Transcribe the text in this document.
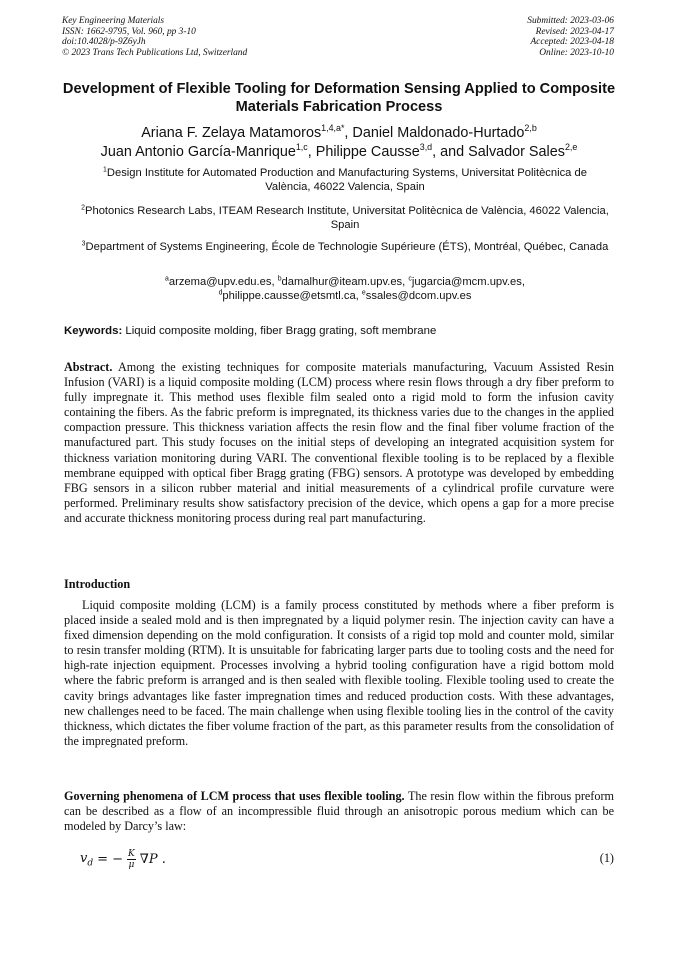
Key Engineering Materials
ISSN: 1662-9795, Vol. 960, pp 3-10
doi:10.4028/p-9Z6yJh
© 2023 Trans Tech Publications Ltd, Switzerland
Submitted: 2023-03-06
Revised: 2023-04-17
Accepted: 2023-04-18
Online: 2023-10-10
Development of Flexible Tooling for Deformation Sensing Applied to Composite Materials Fabrication Process
Ariana F. Zelaya Matamoros$^{1,4,a*}$, Daniel Maldonado-Hurtado$^{2,b}$
Juan Antonio García-Manrique$^{1,c}$, Philippe Causse$^{3,d}$, and Salvador Sales$^{2,e}$
$^1$Design Institute for Automated Production and Manufacturing Systems, Universitat Politècnica de València, 46022 Valencia, Spain
$^2$Photonics Research Labs, ITEAM Research Institute, Universitat Politècnica de València, 46022 Valencia, Spain
$^3$Department of Systems Engineering, École de Technologie Supérieure (ÉTS), Montréal, Québec, Canada
$^a$arzema@upv.edu.es, $^b$damalhur@iteam.upv.es, $^c$jugarcia@mcm.upv.es,
$^d$philippe.causse@etsmtl.ca, $^e$ssales@dcom.upv.es
Keywords: Liquid composite molding, fiber Bragg grating, soft membrane

Abstract. Among the existing techniques for composite materials manufacturing, Vacuum Assisted Resin Infusion (VARI) is a liquid composite molding (LCM) process where resin flows through a dry fiber preform to fully impregnate it. This method uses flexible film sealed onto a rigid mold to form the infusion cavity containing the fibers. As the fabric preform is impregnated, its thickness varies due to the changes in the applied compaction pressure. This thickness variation affects the resin flow and the final fiber volume fraction of the manufactured part. This study focuses on the initial steps of developing an integrated acquisition system for thickness variation monitoring during VARI. The conventional flexible tooling is to be replaced by a flexible membrane equipped with optical fiber Bragg grating (FBG) sensors. A prototype was developed by embedding FBG sensors in a silicon rubber material and initial measurements of a cylindrical profile curvature were performed. Preliminary results show satisfactory precision of the device, which opens a gap for a more precise and accurate thickness monitoring process during real part manufacturing.

Introduction

Liquid composite molding (LCM) is a family process constituted by methods where a fiber preform is placed inside a sealed mold and is then impregnated by a liquid polymer resin. The injection cavity can have a fixed dimension depending on the mold configuration. It consists of a rigid top mold and counter mold, similar to resin transfer molding (RTM). It is unsuitable for fabricating larger parts due to tooling costs and the need for high-rate injection equipment. Processes involving a hybrid tooling configuration have a rigid bottom mold where the fabric preform is arranged and is then sealed with flexible tooling. Flexible tooling used to create the cavity brings advantages like faster impregnation times and reduced production costs. With these advantages, new challenges need to be faced. The main challenge when using flexible tooling lies in the control of the cavity thickness, which dictates the fiber volume fraction of the part, as this parameter results from the consolidation of the impregnated preform.

Governing phenomena of LCM process that uses flexible tooling. The resin flow within the fibrous preform can be described as a flow of an incompressible fluid through an anisotropic porous medium which can be modeled by Darcy’s law:

$v_d$ = − $\frac{K}{\mu} \nabla P$ .	(1)
